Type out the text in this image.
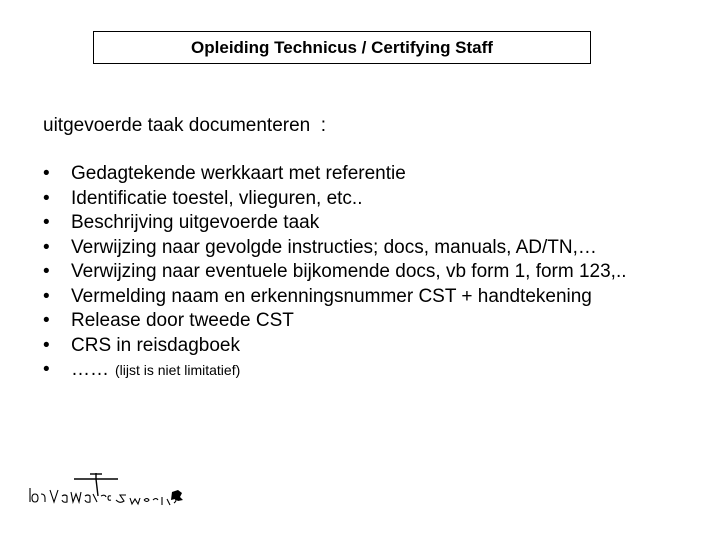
Opleiding Technicus / Certifying Staff
uitgevoerde taak documenteren  :
•	Gedagtekende werkkaart met referentie
•	Identificatie toestel, vlieguren, etc..
•	Beschrijving uitgevoerde taak
•	Verwijzing naar gevolgde instructies; docs, manuals, AD/TN,…
•	Verwijzing naar eventuele bijkomende docs, vb form 1, form 123,..
•	Vermelding naam en erkenningsnummer CST + handtekening
•	Release door tweede CST
•	CRS in reisdagboek
•	…… (lijst is niet limitatief)
